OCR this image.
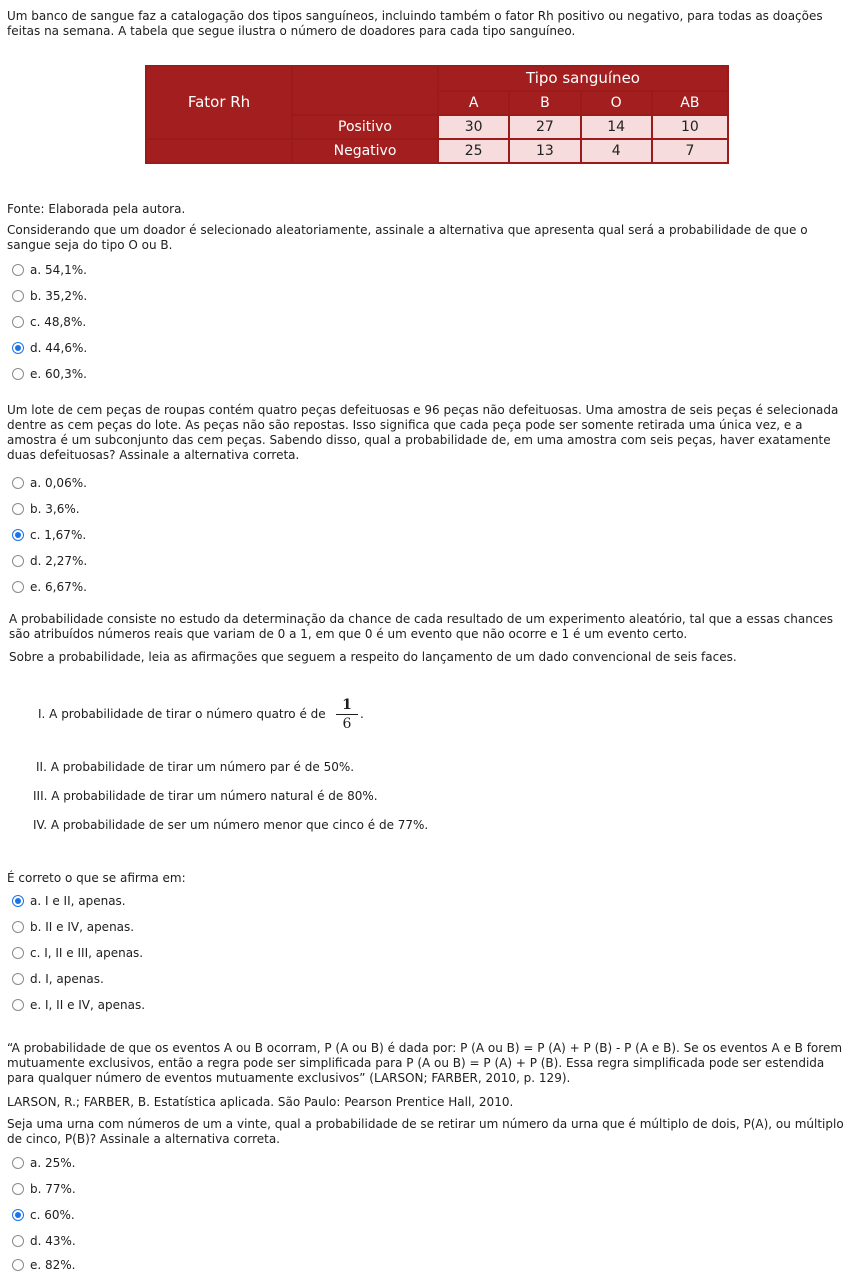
Um banco de sangue faz a catalogação dos tipos sanguíneos, incluindo também o fator Rh positivo ou negativo, para todas as doações feitas na semana. A tabela que segue ilustra o número de doadores para cada tipo sanguíneo.

Fator Rh		Tipo sanguíneo			
		A	B	O	AB
	Positivo	30	27	14	10
	Negativo	25	13	4	7

Fonte: Elaborada pela autora.

Considerando que um doador é selecionado aleatoriamente, assinale a alternativa que apresenta qual será a probabilidade de que o sangue seja do tipo O ou B.

a. 54,1%.
b. 35,2%.
c. 48,8%.
d. 44,6%.
e. 60,3%.

Um lote de cem peças de roupas contém quatro peças defeituosas e 96 peças não defeituosas. Uma amostra de seis peças é selecionada dentre as cem peças do lote. As peças não são repostas. Isso significa que cada peça pode ser somente retirada uma única vez, e a amostra é um subconjunto das cem peças. Sabendo disso, qual a probabilidade de, em uma amostra com seis peças, haver exatamente duas defeituosas? Assinale a alternativa correta.

a. 0,06%.
b. 3,6%.
c. 1,67%.
d. 2,27%.
e. 6,67%.

A probabilidade consiste no estudo da determinação da chance de cada resultado de um experimento aleatório, tal que a essas chances são atribuídos números reais que variam de 0 a 1, em que 0 é um evento que não ocorre e 1 é um evento certo.

Sobre a probabilidade, leia as afirmações que seguem a respeito do lançamento de um dado convencional de seis faces.

I. A probabilidade de tirar o número quatro é de

1
6

.

II. A probabilidade de tirar um número par é de 50%.

III. A probabilidade de tirar um número natural é de 80%.

IV. A probabilidade de ser um número menor que cinco é de 77%.

É correto o que se afirma em:

a. I e II, apenas.
b. II e IV, apenas.
c. I, II e III, apenas.
d. I, apenas.
e. I, II e IV, apenas.

“A probabilidade de que os eventos A ou B ocorram, P (A ou B) é dada por: P (A ou B) = P (A) + P (B) - P (A e B). Se os eventos A e B forem mutuamente exclusivos, então a regra pode ser simplificada para P (A ou B) = P (A) + P (B). Essa regra simplificada pode ser estendida para qualquer número de eventos mutuamente exclusivos” (LARSON; FARBER, 2010, p. 129).

LARSON, R.; FARBER, B. Estatística aplicada. São Paulo: Pearson Prentice Hall, 2010.

Seja uma urna com números de um a vinte, qual a probabilidade de se retirar um número da urna que é múltiplo de dois, P(A), ou múltiplo de cinco, P(B)? Assinale a alternativa correta.

a. 25%.
b. 77%.
c. 60%.
d. 43%.
e. 82%.
